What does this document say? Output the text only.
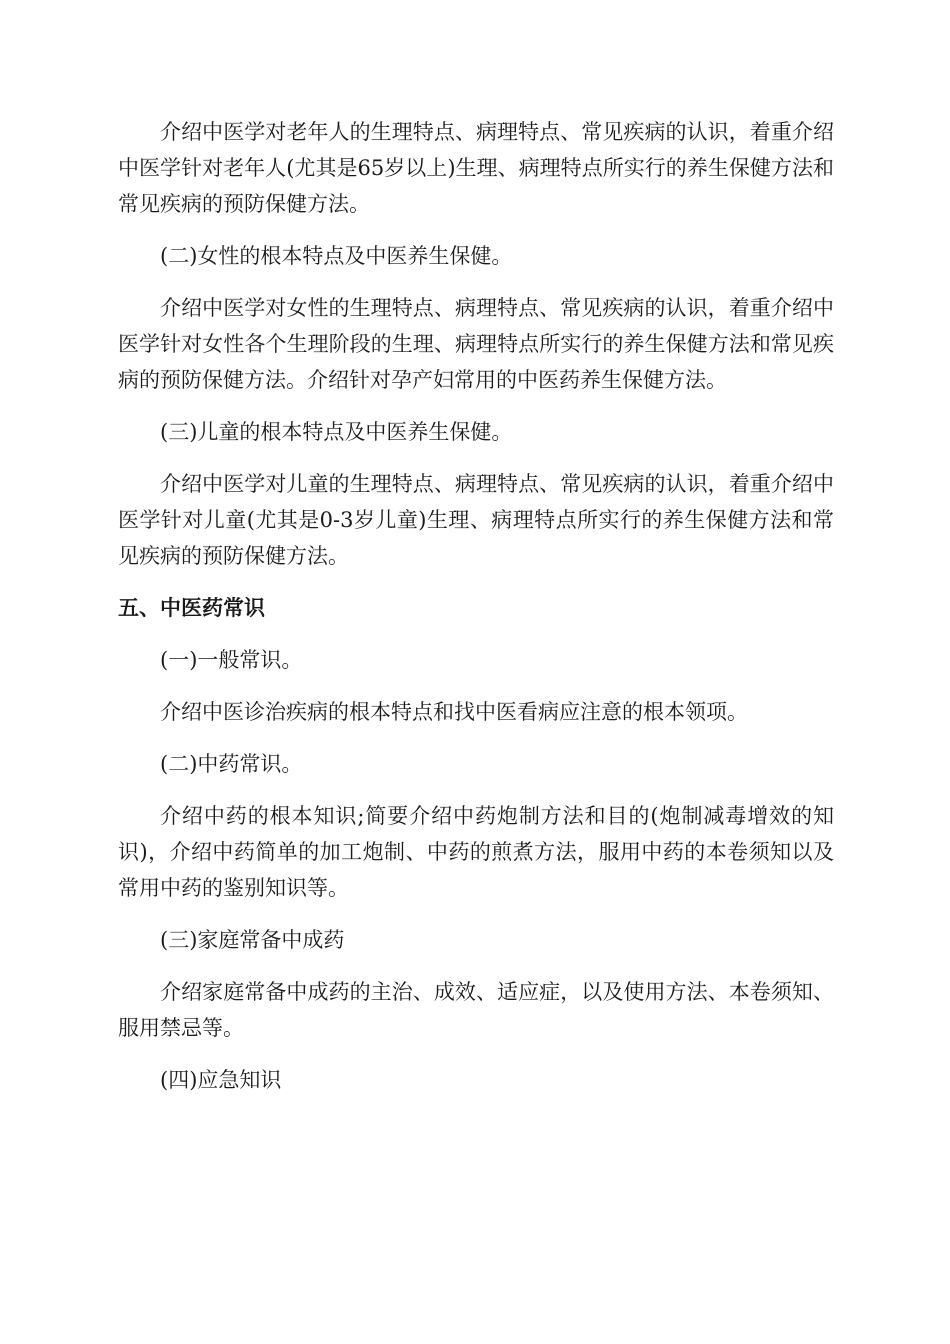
介绍中医学对老年人的生理特点、病理特点、常见疾病的认识，着重介绍中医学针对老年人(尤其是65岁以上)生理、病理特点所实行的养生保健方法和常见疾病的预防保健方法。

(二)女性的根本特点及中医养生保健。

介绍中医学对女性的生理特点、病理特点、常见疾病的认识，着重介绍中医学针对女性各个生理阶段的生理、病理特点所实行的养生保健方法和常见疾病的预防保健方法。介绍针对孕产妇常用的中医药养生保健方法。

(三)儿童的根本特点及中医养生保健。

介绍中医学对儿童的生理特点、病理特点、常见疾病的认识，着重介绍中医学针对儿童(尤其是0-3岁儿童)生理、病理特点所实行的养生保健方法和常见疾病的预防保健方法。

五、中医药常识

(一)一般常识。

介绍中医诊治疾病的根本特点和找中医看病应注意的根本领项。

(二)中药常识。

介绍中药的根本知识;简要介绍中药炮制方法和目的(炮制减毒增效的知识)，介绍中药简单的加工炮制、中药的煎煮方法，服用中药的本卷须知以及常用中药的鉴别知识等。

(三)家庭常备中成药

介绍家庭常备中成药的主治、成效、适应症，以及使用方法、本卷须知、服用禁忌等。

(四)应急知识
